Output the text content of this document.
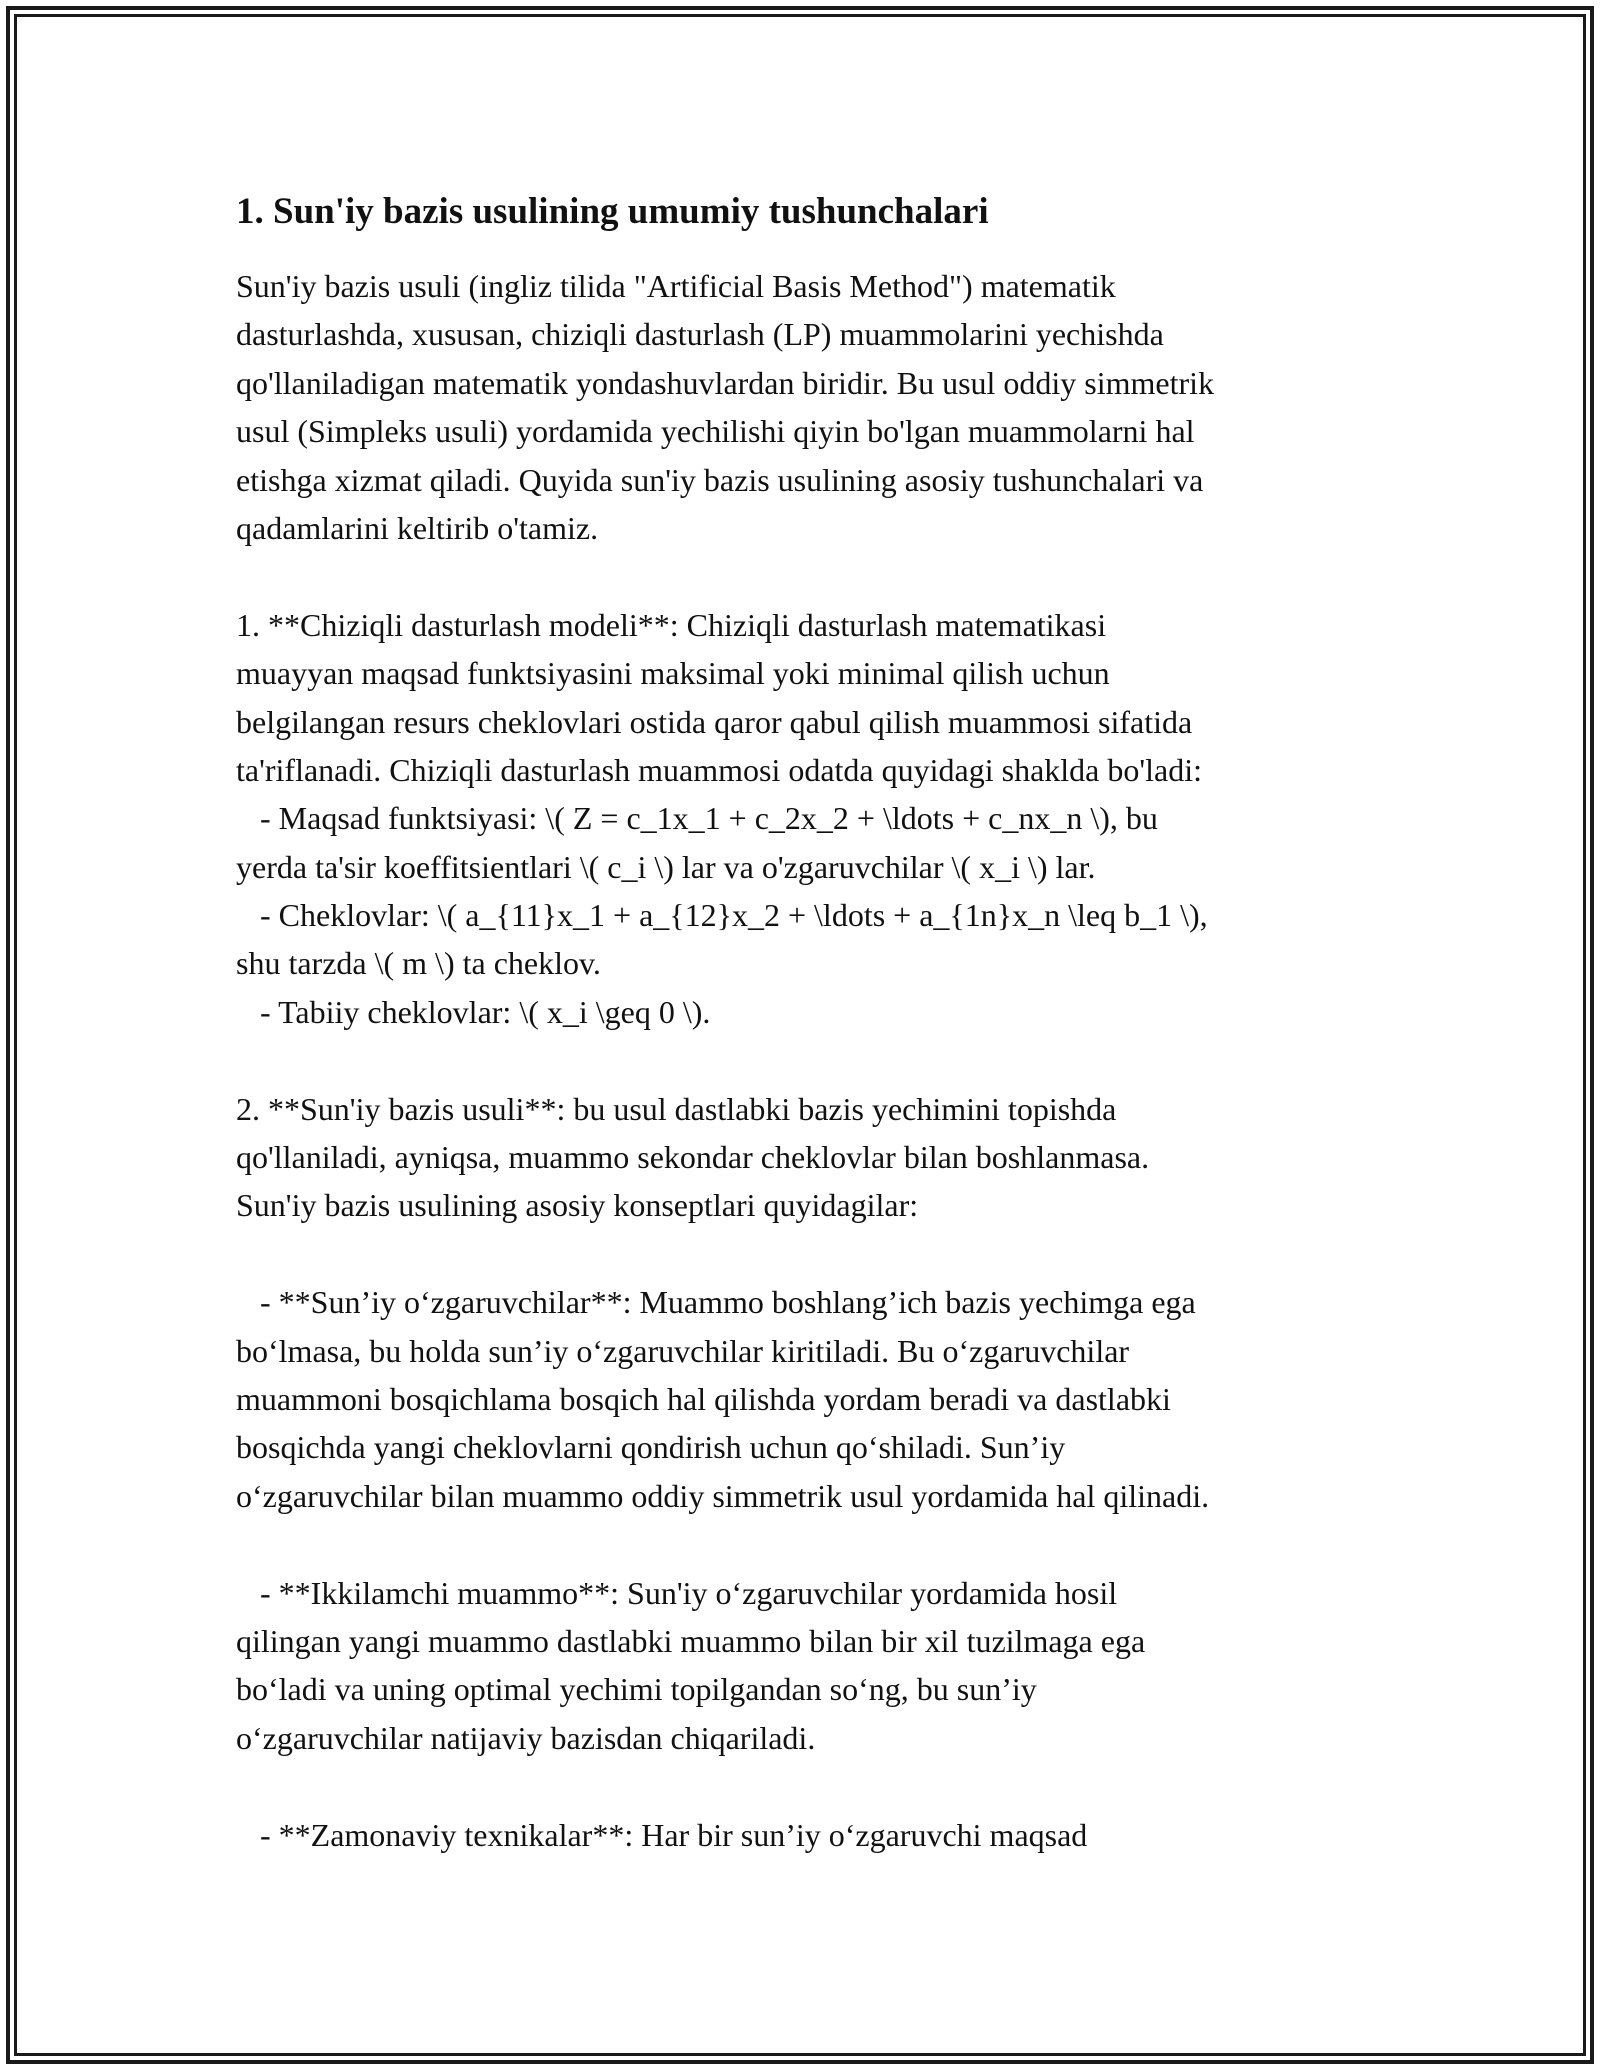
1. Sun'iy bazis usulining umumiy tushunchalari
Sun'iy bazis usuli (ingliz tilida "Artificial Basis Method") matematik
dasturlashda, xususan, chiziqli dasturlash (LP) muammolarini yechishda
qo'llaniladigan matematik yondashuvlardan biridir. Bu usul oddiy simmetrik
usul (Simpleks usuli) yordamida yechilishi qiyin bo'lgan muammolarni hal
etishga xizmat qiladi. Quyida sun'iy bazis usulining asosiy tushunchalari va
qadamlarini keltirib o'tamiz.
1. **Chiziqli dasturlash modeli**: Chiziqli dasturlash matematikasi
muayyan maqsad funktsiyasini maksimal yoki minimal qilish uchun
belgilangan resurs cheklovlari ostida qaror qabul qilish muammosi sifatida
ta'riflanadi. Chiziqli dasturlash muammosi odatda quyidagi shaklda bo'ladi:
- Maqsad funktsiyasi: \( Z = c_1x_1 + c_2x_2 + \ldots + c_nx_n \), bu
yerda ta'sir koeffitsientlari \( c_i \) lar va o'zgaruvchilar \( x_i \) lar.
- Cheklovlar: \( a_{11}x_1 + a_{12}x_2 + \ldots + a_{1n}x_n \leq b_1 \),
shu tarzda \( m \) ta cheklov.
- Tabiiy cheklovlar: \( x_i \geq 0 \).
2. **Sun'iy bazis usuli**: bu usul dastlabki bazis yechimini topishda
qo'llaniladi, ayniqsa, muammo sekondar cheklovlar bilan boshlanmasa.
Sun'iy bazis usulining asosiy konseptlari quyidagilar:
- **Sun’iy o‘zgaruvchilar**: Muammo boshlang’ich bazis yechimga ega
bo‘lmasa, bu holda sun’iy o‘zgaruvchilar kiritiladi. Bu o‘zgaruvchilar
muammoni bosqichlama bosqich hal qilishda yordam beradi va dastlabki
bosqichda yangi cheklovlarni qondirish uchun qo‘shiladi. Sun’iy
o‘zgaruvchilar bilan muammo oddiy simmetrik usul yordamida hal qilinadi.
- **Ikkilamchi muammo**: Sun'iy o‘zgaruvchilar yordamida hosil
qilingan yangi muammo dastlabki muammo bilan bir xil tuzilmaga ega
bo‘ladi va uning optimal yechimi topilgandan so‘ng, bu sun’iy
o‘zgaruvchilar natijaviy bazisdan chiqariladi.
- **Zamonaviy texnikalar**: Har bir sun’iy o‘zgaruvchi maqsad
